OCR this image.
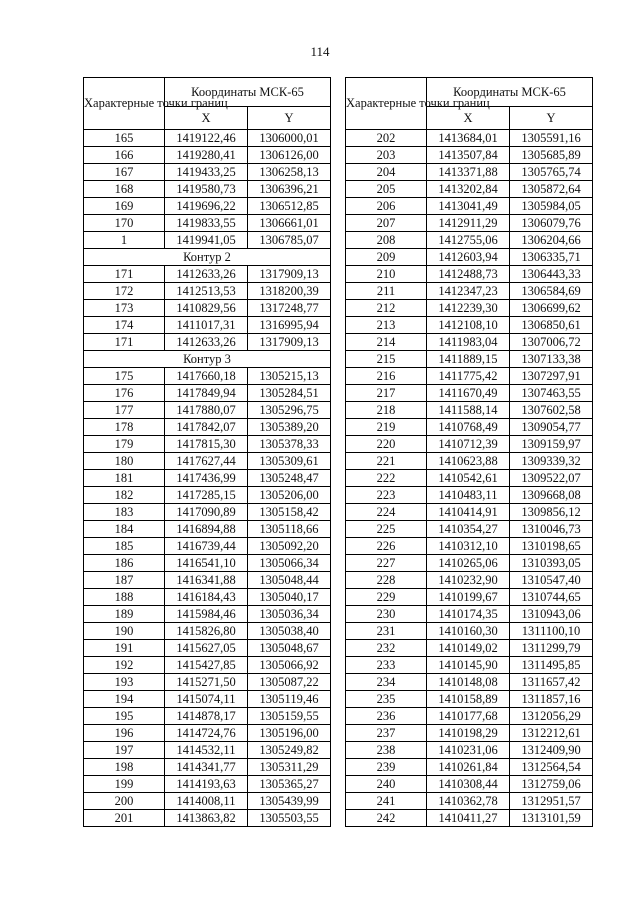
114
Характерные точки границ	Координаты МСК-65	
	X	Y
165	1419122,46	1306000,01
166	1419280,41	1306126,00
167	1419433,25	1306258,13
168	1419580,73	1306396,21
169	1419696,22	1306512,85
170	1419833,55	1306661,01
1	1419941,05	1306785,07
Контур 2		
171	1412633,26	1317909,13
172	1412513,53	1318200,39
173	1410829,56	1317248,77
174	1411017,31	1316995,94
171	1412633,26	1317909,13
Контур 3		
175	1417660,18	1305215,13
176	1417849,94	1305284,51
177	1417880,07	1305296,75
178	1417842,07	1305389,20
179	1417815,30	1305378,33
180	1417627,44	1305309,61
181	1417436,99	1305248,47
182	1417285,15	1305206,00
183	1417090,89	1305158,42
184	1416894,88	1305118,66
185	1416739,44	1305092,20
186	1416541,10	1305066,34
187	1416341,88	1305048,44
188	1416184,43	1305040,17
189	1415984,46	1305036,34
190	1415826,80	1305038,40
191	1415627,05	1305048,67
192	1415427,85	1305066,92
193	1415271,50	1305087,22
194	1415074,11	1305119,46
195	1414878,17	1305159,55
196	1414724,76	1305196,00
197	1414532,11	1305249,82
198	1414341,77	1305311,29
199	1414193,63	1305365,27
200	1414008,11	1305439,99
201	1413863,82	1305503,55
Характерные точки границ	Координаты МСК-65	
	X	Y
202	1413684,01	1305591,16
203	1413507,84	1305685,89
204	1413371,88	1305765,74
205	1413202,84	1305872,64
206	1413041,49	1305984,05
207	1412911,29	1306079,76
208	1412755,06	1306204,66
209	1412603,94	1306335,71
210	1412488,73	1306443,33
211	1412347,23	1306584,69
212	1412239,30	1306699,62
213	1412108,10	1306850,61
214	1411983,04	1307006,72
215	1411889,15	1307133,38
216	1411775,42	1307297,91
217	1411670,49	1307463,55
218	1411588,14	1307602,58
219	1410768,49	1309054,77
220	1410712,39	1309159,97
221	1410623,88	1309339,32
222	1410542,61	1309522,07
223	1410483,11	1309668,08
224	1410414,91	1309856,12
225	1410354,27	1310046,73
226	1410312,10	1310198,65
227	1410265,06	1310393,05
228	1410232,90	1310547,40
229	1410199,67	1310744,65
230	1410174,35	1310943,06
231	1410160,30	1311100,10
232	1410149,02	1311299,79
233	1410145,90	1311495,85
234	1410148,08	1311657,42
235	1410158,89	1311857,16
236	1410177,68	1312056,29
237	1410198,29	1312212,61
238	1410231,06	1312409,90
239	1410261,84	1312564,54
240	1410308,44	1312759,06
241	1410362,78	1312951,57
242	1410411,27	1313101,59
